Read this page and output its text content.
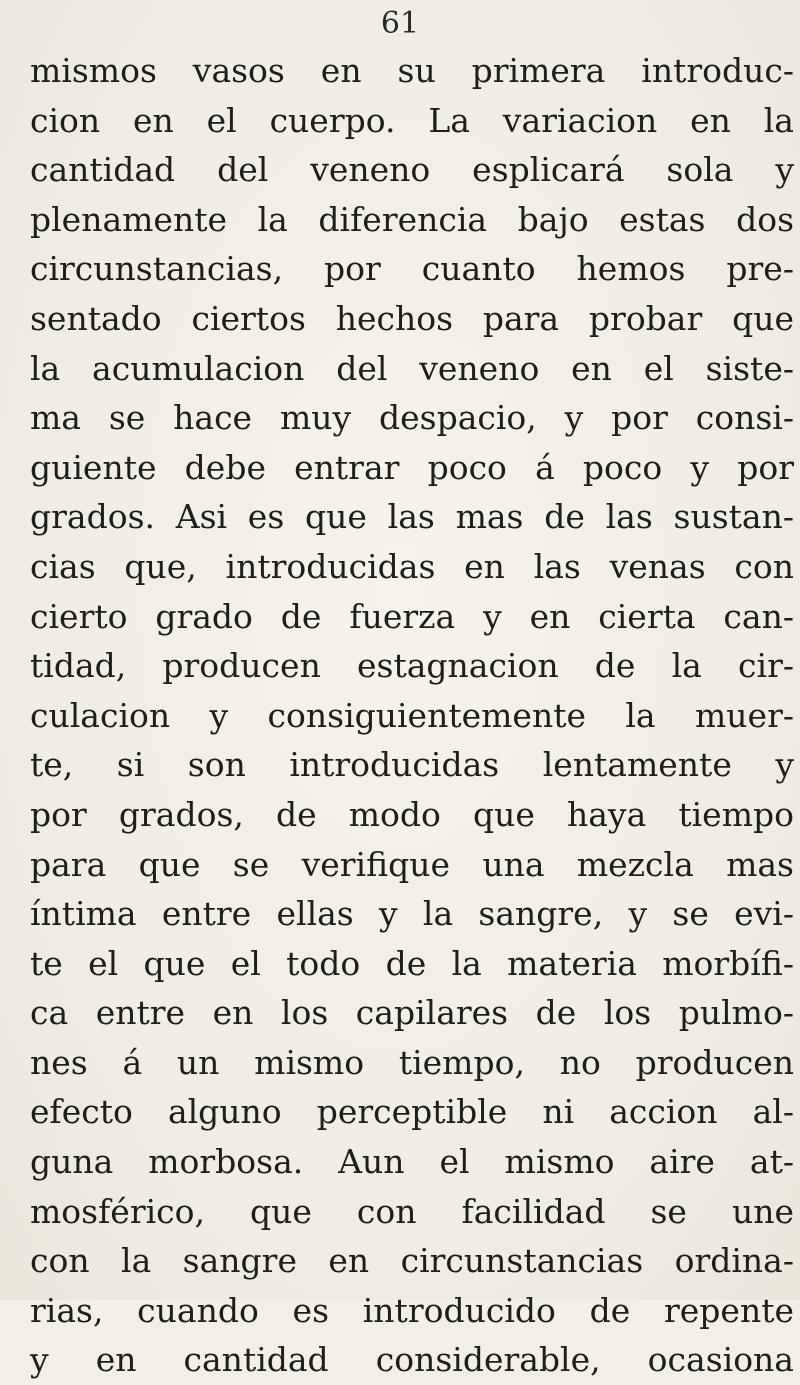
61
mismos vasos en su primera introduc-
cion en el cuerpo. La variacion en la
cantidad del veneno esplicará sola y
plenamente la diferencia bajo estas dos
circunstancias, por cuanto hemos pre-
sentado ciertos hechos para probar que
la acumulacion del veneno en el siste-
ma se hace muy despacio, y por consi-
guiente debe entrar poco á poco y por
grados. Asi es que las mas de las sustan-
cias que, introducidas en las venas con
cierto grado de fuerza y en cierta can-
tidad, producen estagnacion de la cir-
culacion y consiguientemente la muer-
te, si son introducidas lentamente y
por grados, de modo que haya tiempo
para que se verifique una mezcla mas
íntima entre ellas y la sangre, y se evi-
te el que el todo de la materia morbífi-
ca entre en los capilares de los pulmo-
nes á un mismo tiempo, no producen
efecto alguno perceptible ni accion al-
guna morbosa. Aun el mismo aire at-
mosférico, que con facilidad se une
con la sangre en circunstancias ordina-
rias, cuando es introducido de repente
y en cantidad considerable, ocasiona
